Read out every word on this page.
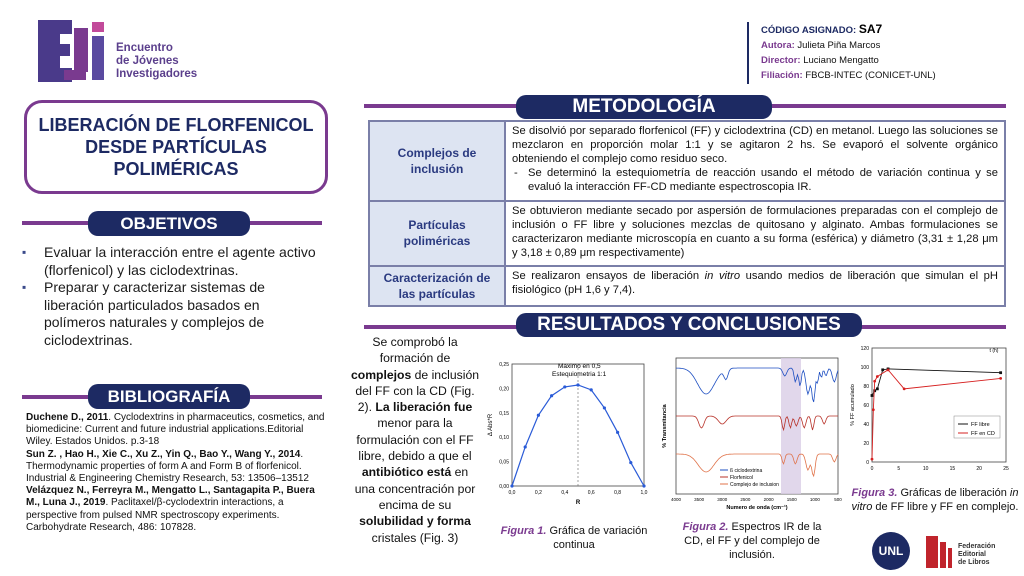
Encuentro
de Jóvenes
Investigadores
CÓDIGO ASIGNADO: SA7
Autora: Julieta Piña Marcos
Director: Luciano Mengatto
Filiación: FBCB-INTEC (CONICET-UNL)
LIBERACIÓN DE FLORFENICOL DESDE PARTÍCULAS POLIMÉRICAS
OBJETIVOS
▪ Evaluar la interacción entre el agente activo (florfenicol) y las ciclodextrinas.
▪ Preparar y caracterizar sistemas de liberación particulados basados en polímeros naturales y complejos de ciclodextrinas.
BIBLIOGRAFÍA

Duchene D., 2011. Cyclodextrins in pharmaceutics, cosmetics, and biomedicine: Current and future industrial applications.Editorial Wiley. Estados Unidos. p.3-18

Sun Z. , Hao H., Xie C., Xu Z., Yin Q., Bao Y., Wang Y., 2014. Thermodynamic properties of form A and Form B of florfenicol. Industrial & Engineering Chemistry Research, 53: 13506–13512

Velázquez N., Ferreyra M., Mengatto L., Santagapita P., Buera M., Luna J., 2019. Paclitaxel/β-cyclodextrin interactions, a perspective from pulsed NMR spectroscopy experiments. Carbohydrate Research, 486: 107828.

METODOLOGÍA
Complejos de inclusión	Se disolvió por separado florfenicol (FF) y ciclodextrina (CD) en metanol. Luego las soluciones se mezclaron en proporción molar 1:1 y se agitaron 2 hs. Se evaporó el solvente orgánico obteniendo el complejo como residuo seco.
- Se determinó la estequiometría de reacción usando el método de variación continua y se evaluó la interacción FF-CD mediante espectroscopia IR.

Partículas poliméricas	Se obtuvieron mediante secado por aspersión de formulaciones preparadas con el complejo de inclusión o FF libre y soluciones mezclas de quitosano y alginato. Ambas formulaciones se caracterizaron mediante microscopía en cuanto a su forma (esférica) y diámetro (3,31 ± 1,28 μm y 3,18 ± 0,89 μm respectivamente)

Caracterización de las partículas	Se realizaron ensayos de liberación in vitro usando medios de liberación que simulan el pH fisiológico (pH 1,6 y 7,4).
RESULTADOS Y CONCLUSIONES
Se comprobó la formación de complejos de inclusión del FF con la CD (Fig. 2). La liberación fue menor para la formulación con el FF libre, debido a que el antibiótico está en una concentración por encima de su solubilidad y forma cristales (Fig. 3)
0,00
0,05
0,10
0,15
0,20
0,25
0,0	0,2	0,4	0,6	0,8	1,0
R
Δ Abs*R
Maximo en 0,5
Estequiometria 1:1
Figura 1. Gráfica de variación continua
4000	3500	3000	2500	2000	1500	1000	500
Numero de onda (cm⁻¹)
% Transmitancia
ß ciclodextrina
Florfenicol
Complejo de inclusion
Figura 2. Espectros IR de la CD, el FF y del complejo de inclusión.
0
20
40
60
80
100
120
0	5	10	15	20	25
t (h)
% FF acumulado	FF libre
FF en CD
Figura 3. Gráficas de liberación in vitro de FF libre y FF en complejo.
UNL	Federación
Editorial
de Libros
